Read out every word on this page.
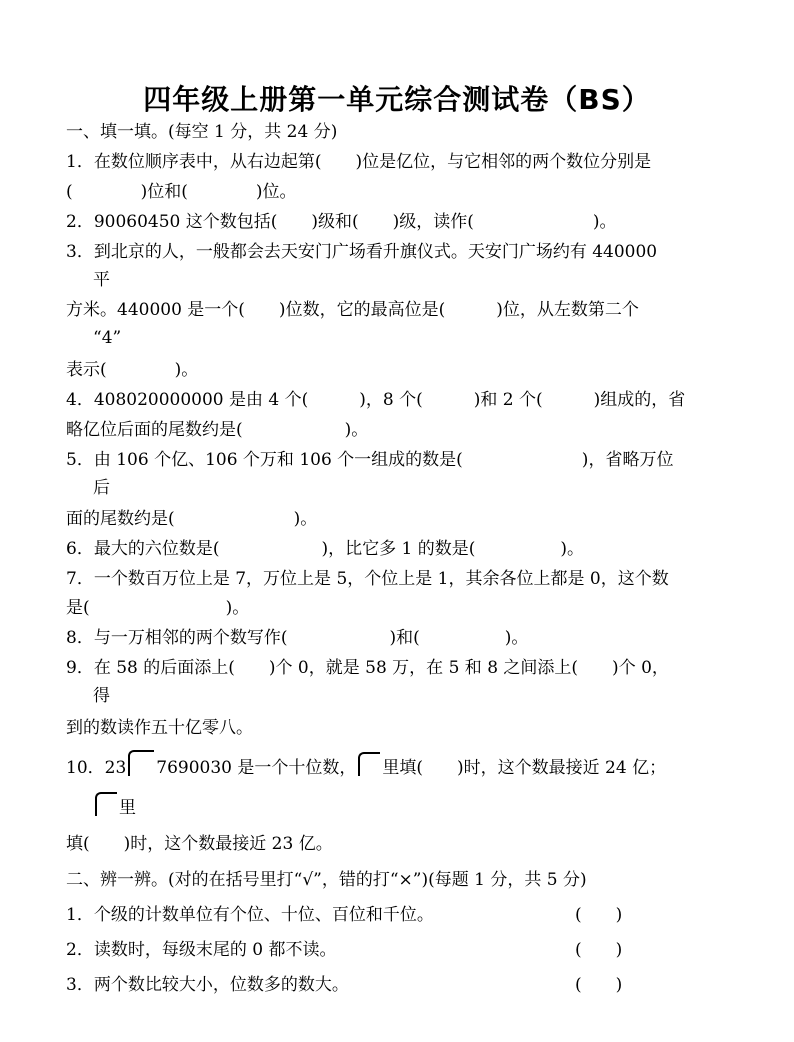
四年级上册第一单元综合测试卷（BS）
一、填一填。(每空 1 分，共 24 分)
1．在数位顺序表中，从右边起第(　　)位是亿位，与它相邻的两个数位分别是
(　　　　)位和(　　　　)位。
2．90060450 这个数包括(　　)级和(　　)级，读作(　　　　　　　)。
3．到北京的人，一般都会去天安门广场看升旗仪式。天安门广场约有 440000
平
方米。440000 是一个(　　)位数，它的最高位是(　　　)位，从左数第二个
“4”
表示(　　　　)。
4．408020000000 是由 4 个(　　　)，8 个(　　　)和 2 个(　　　)组成的，省
略亿位后面的尾数约是(　　　　　　)。
5．由 106 个亿、106 个万和 106 个一组成的数是(　　　　　　　)，省略万位
后
面的尾数约是(　　　　　　　)。
6．最大的六位数是(　　　　　　)，比它多 1 的数是(　　　　　)。
7．一个数百万位上是 7，万位上是 5，个位上是 1，其余各位上都是 0，这个数
是(　　　　　　　　)。
8．与一万相邻的两个数写作(　　　　　　)和(　　　　　)。
9．在 58 的后面添上(　　)个 0，就是 58 万，在 5 和 8 之间添上(　　)个 0，
得
到的数读作五十亿零八。
10．23 7690030 是一个十位数， 里填(　　)时，这个数最接近 24 亿；
里
填(　　)时，这个数最接近 23 亿。
二、辨一辨。(对的在括号里打“√”，错的打“×”)(每题 1 分，共 5 分)
1．个级的计数单位有个位、十位、百位和千位。	(　　)
2．读数时，每级末尾的 0 都不读。	(　　)
3．两个数比较大小，位数多的数大。	(　　)
